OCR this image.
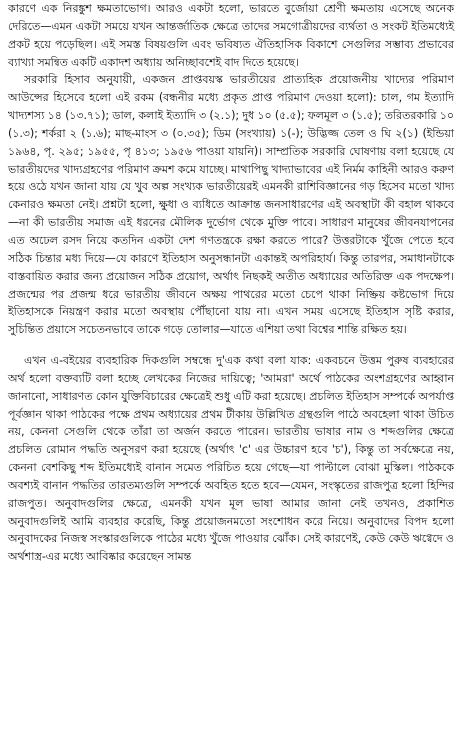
কারণে এক নিরঙ্কুশ ক্ষমতাভোগ। আরও একটা হলো, ভারতে বুর্জোয়া শ্রেণী ক্ষমতায় এসেছে অনেক দেরিতে—এমন একটা সময়ে যখন আন্তর্জাতিক ক্ষেত্রে তাদের সমগোত্রীয়দের ব্যর্থতা ও সংকট ইতিমধ্যেই প্রকট হয়ে পড়েছিল। এই সমস্ত বিষয়গুলি এবং ভবিষ্যত ঐতিহাসিক বিকাশে সেগুলির সম্ভাব্য প্রভাবের ব্যাখ্যা সমন্বিত একটি একাদশ অধ্যায় অনিচ্ছাবশেই বাদ দিতে হয়েছে।

সরকারি হিসাব অনুযায়ী, একজন প্রাপ্তবয়স্ক ভারতীয়ের প্রাত্যহিক প্রয়োজনীয় খাদ্যের পরিমাণ আউন্সের হিসেবে হলো এই রকম (বন্ধনীর মধ্যে প্রকৃত প্রাপ্ত পরিমাণ দেওয়া হলো): চাল, গম ইত্যাদি খাদ্যশস্য ১৪ (১৩.৭১); ডাল, কলাই ইত্যাদি ৩ (২.১); দুধ ১০ (৫.৫); ফলমূল ৩ (১.৫); তরিতরকারি ১০ (১.৩); শর্করা ২ (১.৬); মাছ-মাংস ৩ (০.৩৫); ডিম (সংখ্যায়) ১(-); উদ্ভিজ্জ তেল ও ঘি ২(১) (ইন্ডিয়া ১৯৬৪, পৃ. ২৯৫; ১৯৫৫, পৃ ৪১৩; ১৯৫৬ পাওয়া যায়নি)। সাম্প্রতিক সরকারি ঘোষণায় বলা হয়েছে যে ভারতীয়দের খাদ্যগ্রহণের পরিমাণ ক্রমশ কমে যাচ্ছে। মাথাপিছু খাদ্যাভাবের এই নির্মম কাহিনী আরও করুণ হয়ে ওঠে যখন জানা যায় যে খুব অল্প সংখ্যক ভারতীয়েরই এমনকী রাশিবিজ্ঞানের গড় হিসেব মতো খাদ্য কেনারও ক্ষমতা নেই। প্রশ্নটা হলো, ক্ষুধা ও ব্যধিতে আক্রান্ত জনসাধারণের এই অবস্থাটা কী বহাল থাকবে—না কী ভারতীয় সমাজ এই ধরনের মৌলিক দুর্ভোগ থেকে মুক্তি পাবে। সাধারণ মানুষের জীবনযাপনের এত অঢেল রসদ নিয়ে কতদিন একটা দেশ গণতন্ত্রকে রক্ষা করতে পারে? উত্তরটাকে খুঁজে পেতে হবে সঠিক চিন্তার মধ্য দিয়ে—যে কারণে ইতিহাস অনুসন্ধানটা একান্তই অপরিহার্য। কিন্তু তারপর, সমাধানটাকে বাস্তবায়িত করার জন্য প্রয়োজন সঠিক প্রয়োগ, অর্থাৎ নিছকই অতীত অধ্যায়ের অতিরিক্ত এক পদক্ষেপ। প্রজন্মের পর প্রজন্ম ধরে ভারতীয় জীবনে অক্ষয় পাথরের মতো চেপে থাকা নিষ্ক্রিয় কষ্টভোগ দিয়ে ইতিহাসকে নিয়ন্ত্রণ করার মতো অবস্থায় পৌঁছানো যায় না। এখন সময় এসেছে ইতিহাস সৃষ্টি করার, সুচিন্তিত প্রয়াসে সচেতনভাবে তাকে গড়ে তোলার—যাতে এশিয়া তথা বিশ্বের শান্তি রক্ষিত হয়।

এখন এ-বইয়ের ব্যবহারিক দিকগুলি সম্বন্ধে দু'এক কথা বলা যাক: একবচনে উত্তম পুরুষ ব্যবহারের অর্থ হলো বক্তব্যটি বলা হচ্ছে লেখকের নিজের দায়িত্বে; 'আমরা' অর্থে পাঠকের অংশগ্রহণের আহ্বান জানানো, সাধারণত কোন যুক্তিবিচারের ক্ষেত্রেই শুধু এটি করা হয়েছে। প্রচলিত ইতিহাস সম্পর্কে অপর্যাপ্ত পূর্বজ্ঞান থাকা পাঠকের পক্ষে প্রথম অধ্যায়ের প্রথম টীকায় উল্লিখিত গ্রন্থগুলি পাঠে অবহেলা থাকা উচিত নয়, কেননা সেগুলি থেকে তাঁরা তা অর্জন করতে পারেন। ভারতীয় ভাষার নাম ও শব্দগুলির ক্ষেত্রে প্রচলিত রোমান পদ্ধতি অনুসরণ করা হয়েছে (অর্থাৎ 'c' এর উচ্চারণ হবে 'চ'), কিন্তু তা সর্বক্ষেত্রে নয়, কেননা বেশকিছু শব্দ ইতিমধ্যেই বানান সমেত পরিচিত হয়ে গেছে—যা পাল্টালে বোঝা মুস্কিল। পাঠককে অবশ্যই বানান পদ্ধতির তারতম্যগুলি সম্পর্কে অবহিত হতে হবে—যেমন, সংস্কৃতের রাজপুত্র হলো হিন্দির রাজপুত। অনুবাদগুলির ক্ষেত্রে, এমনকী যখন মূল ভাষা আমার জানা নেই তখনও, প্রকাশিত অনুবাদগুলিই আমি ব্যবহার করেছি, কিন্তু প্রয়োজনমতো সংশোধন করে নিয়ে। অনুবাদের বিপদ হলো অনুবাদকের নিজস্ব সংস্কারগুলিকে পাঠের মধ্যে খুঁজে পাওয়ার ঝোঁক। সেই কারণেই, কেউ কেউ ঋগ্বেদে ও অর্থশাস্ত্র-এর মধ্যে আবিষ্কার করেছেন সামন্ত
